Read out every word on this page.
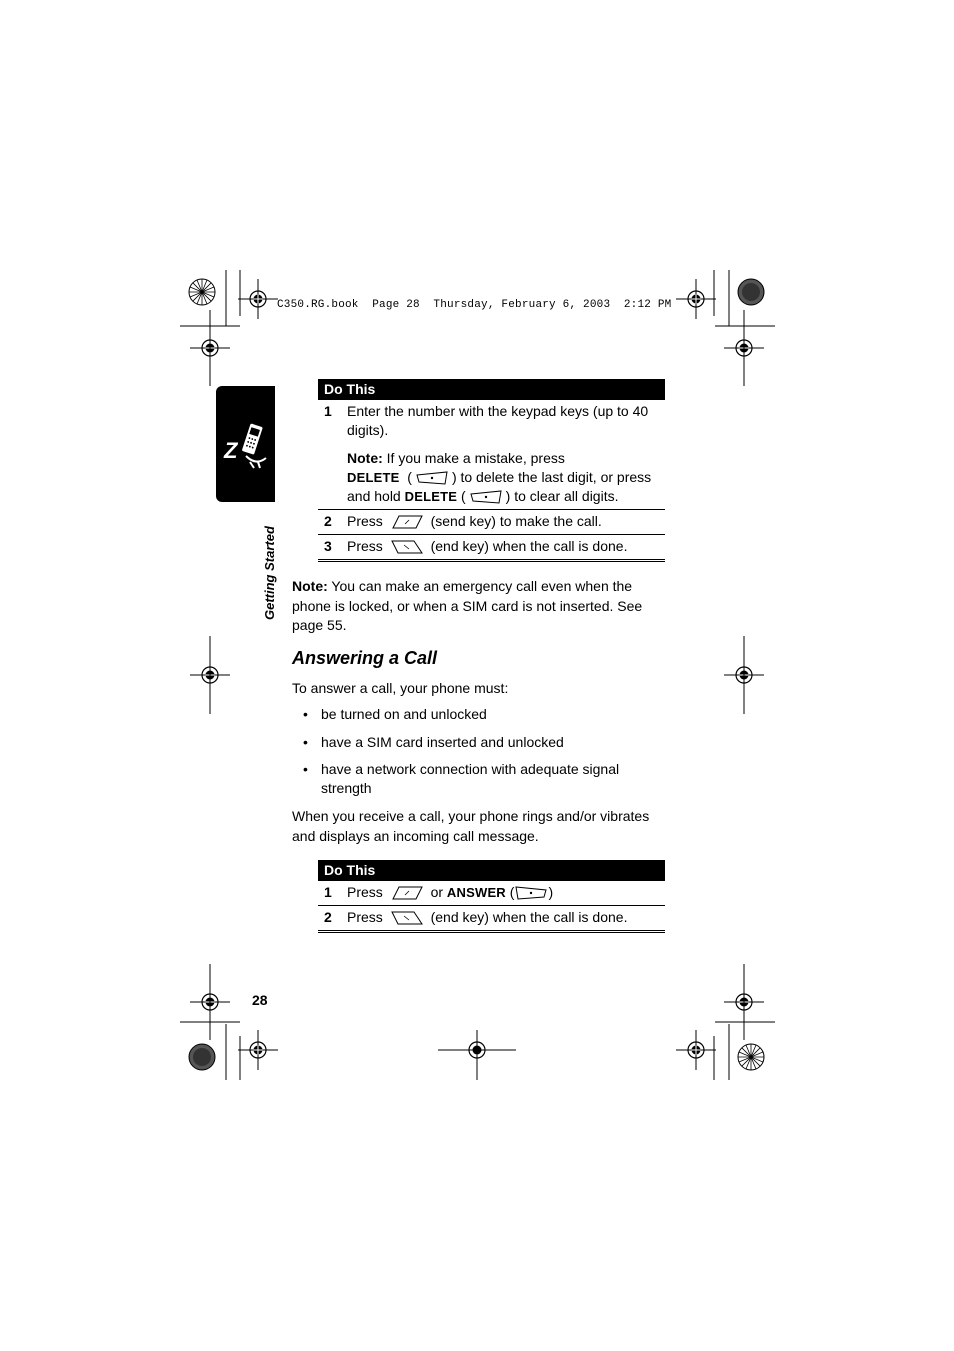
C350.RG.book  Page 28  Thursday, February 6, 2003  2:12 PM
Z
Getting Started
Do This	
1	Enter the number with the keypad keys (up to 40 digits).
Note: If you make a mistake, press
DELETE  ( ) to delete the last digit, or press
and hold DELETE ( ) to clear all digits.

2	Press (send key) to make the call.
3	Press (end key) when the call is done.
Note: You can make an emergency call even when the phone is locked, or when a SIM card is not inserted. See page 55.
Answering a Call
To answer a call, your phone must:
• be turned on and unlocked
• have a SIM card inserted and unlocked
• have a network connection with adequate signal strength
When you receive a call, your phone rings and/or vibrates and displays an incoming call message.
Do This	
1	Press or ANSWER ( )
2	Press (end key) when the call is done.
28
